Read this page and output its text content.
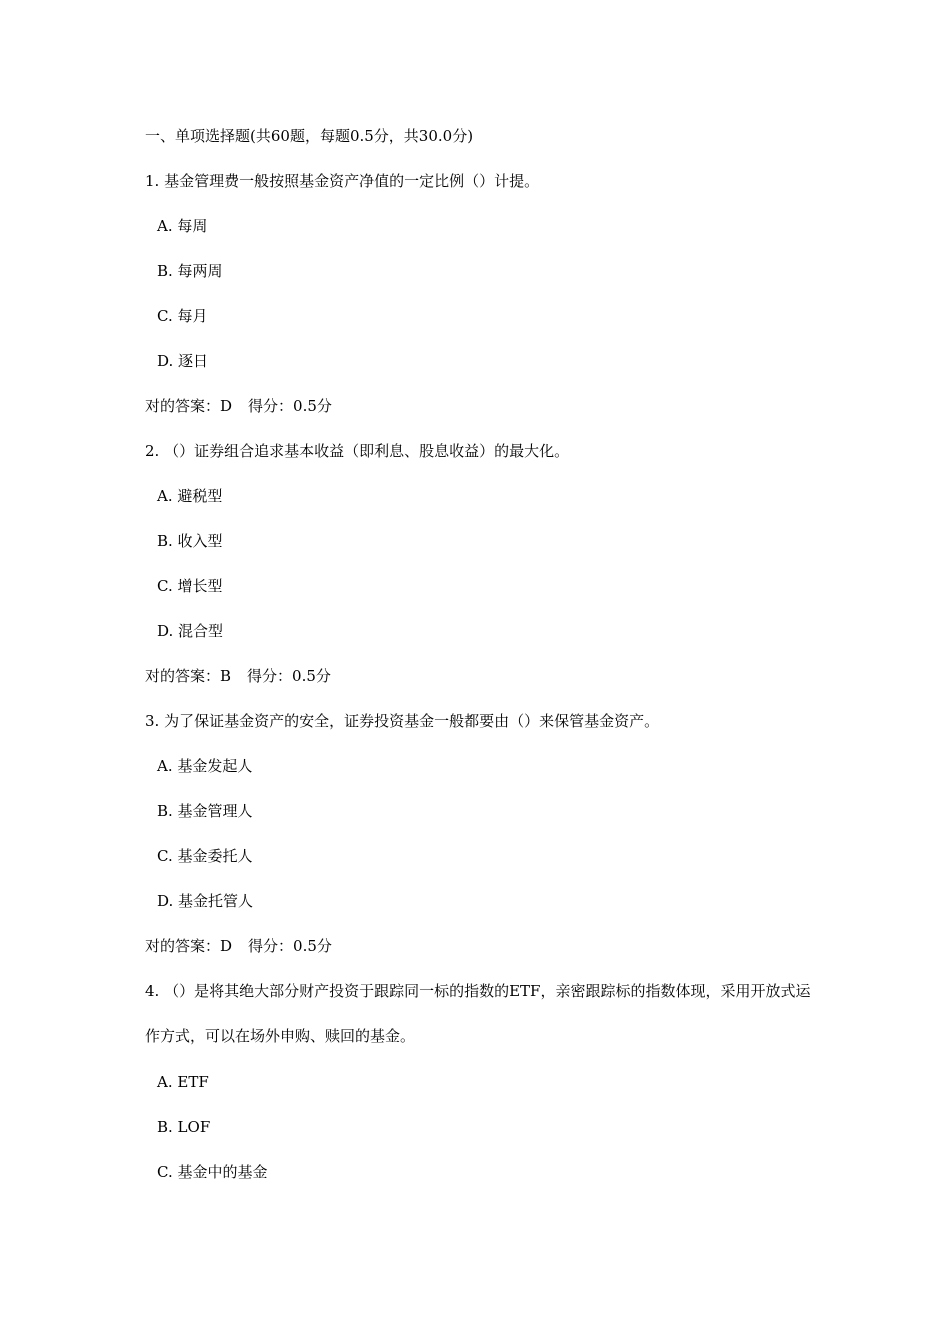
一、单项选择题(共60题，每题0.5分，共30.0分)
1. 基金管理费一般按照基金资产净值的一定比例（）计提。
A. 每周
B. 每两周
C. 每月
D. 逐日
对的答案：D 得分：0.5分
2. （）证券组合追求基本收益（即利息、股息收益）的最大化。
A. 避税型
B. 收入型
C. 增长型
D. 混合型
对的答案：B 得分：0.5分
3. 为了保证基金资产的安全，证券投资基金一般都要由（）来保管基金资产。
A. 基金发起人
B. 基金管理人
C. 基金委托人
D. 基金托管人
对的答案：D 得分：0.5分
4. （）是将其绝大部分财产投资于跟踪同一标的指数的ETF，亲密跟踪标的指数体现，采用开放式运作方式，可以在场外申购、赎回的基金。
A. ETF
B. LOF
C. 基金中的基金
